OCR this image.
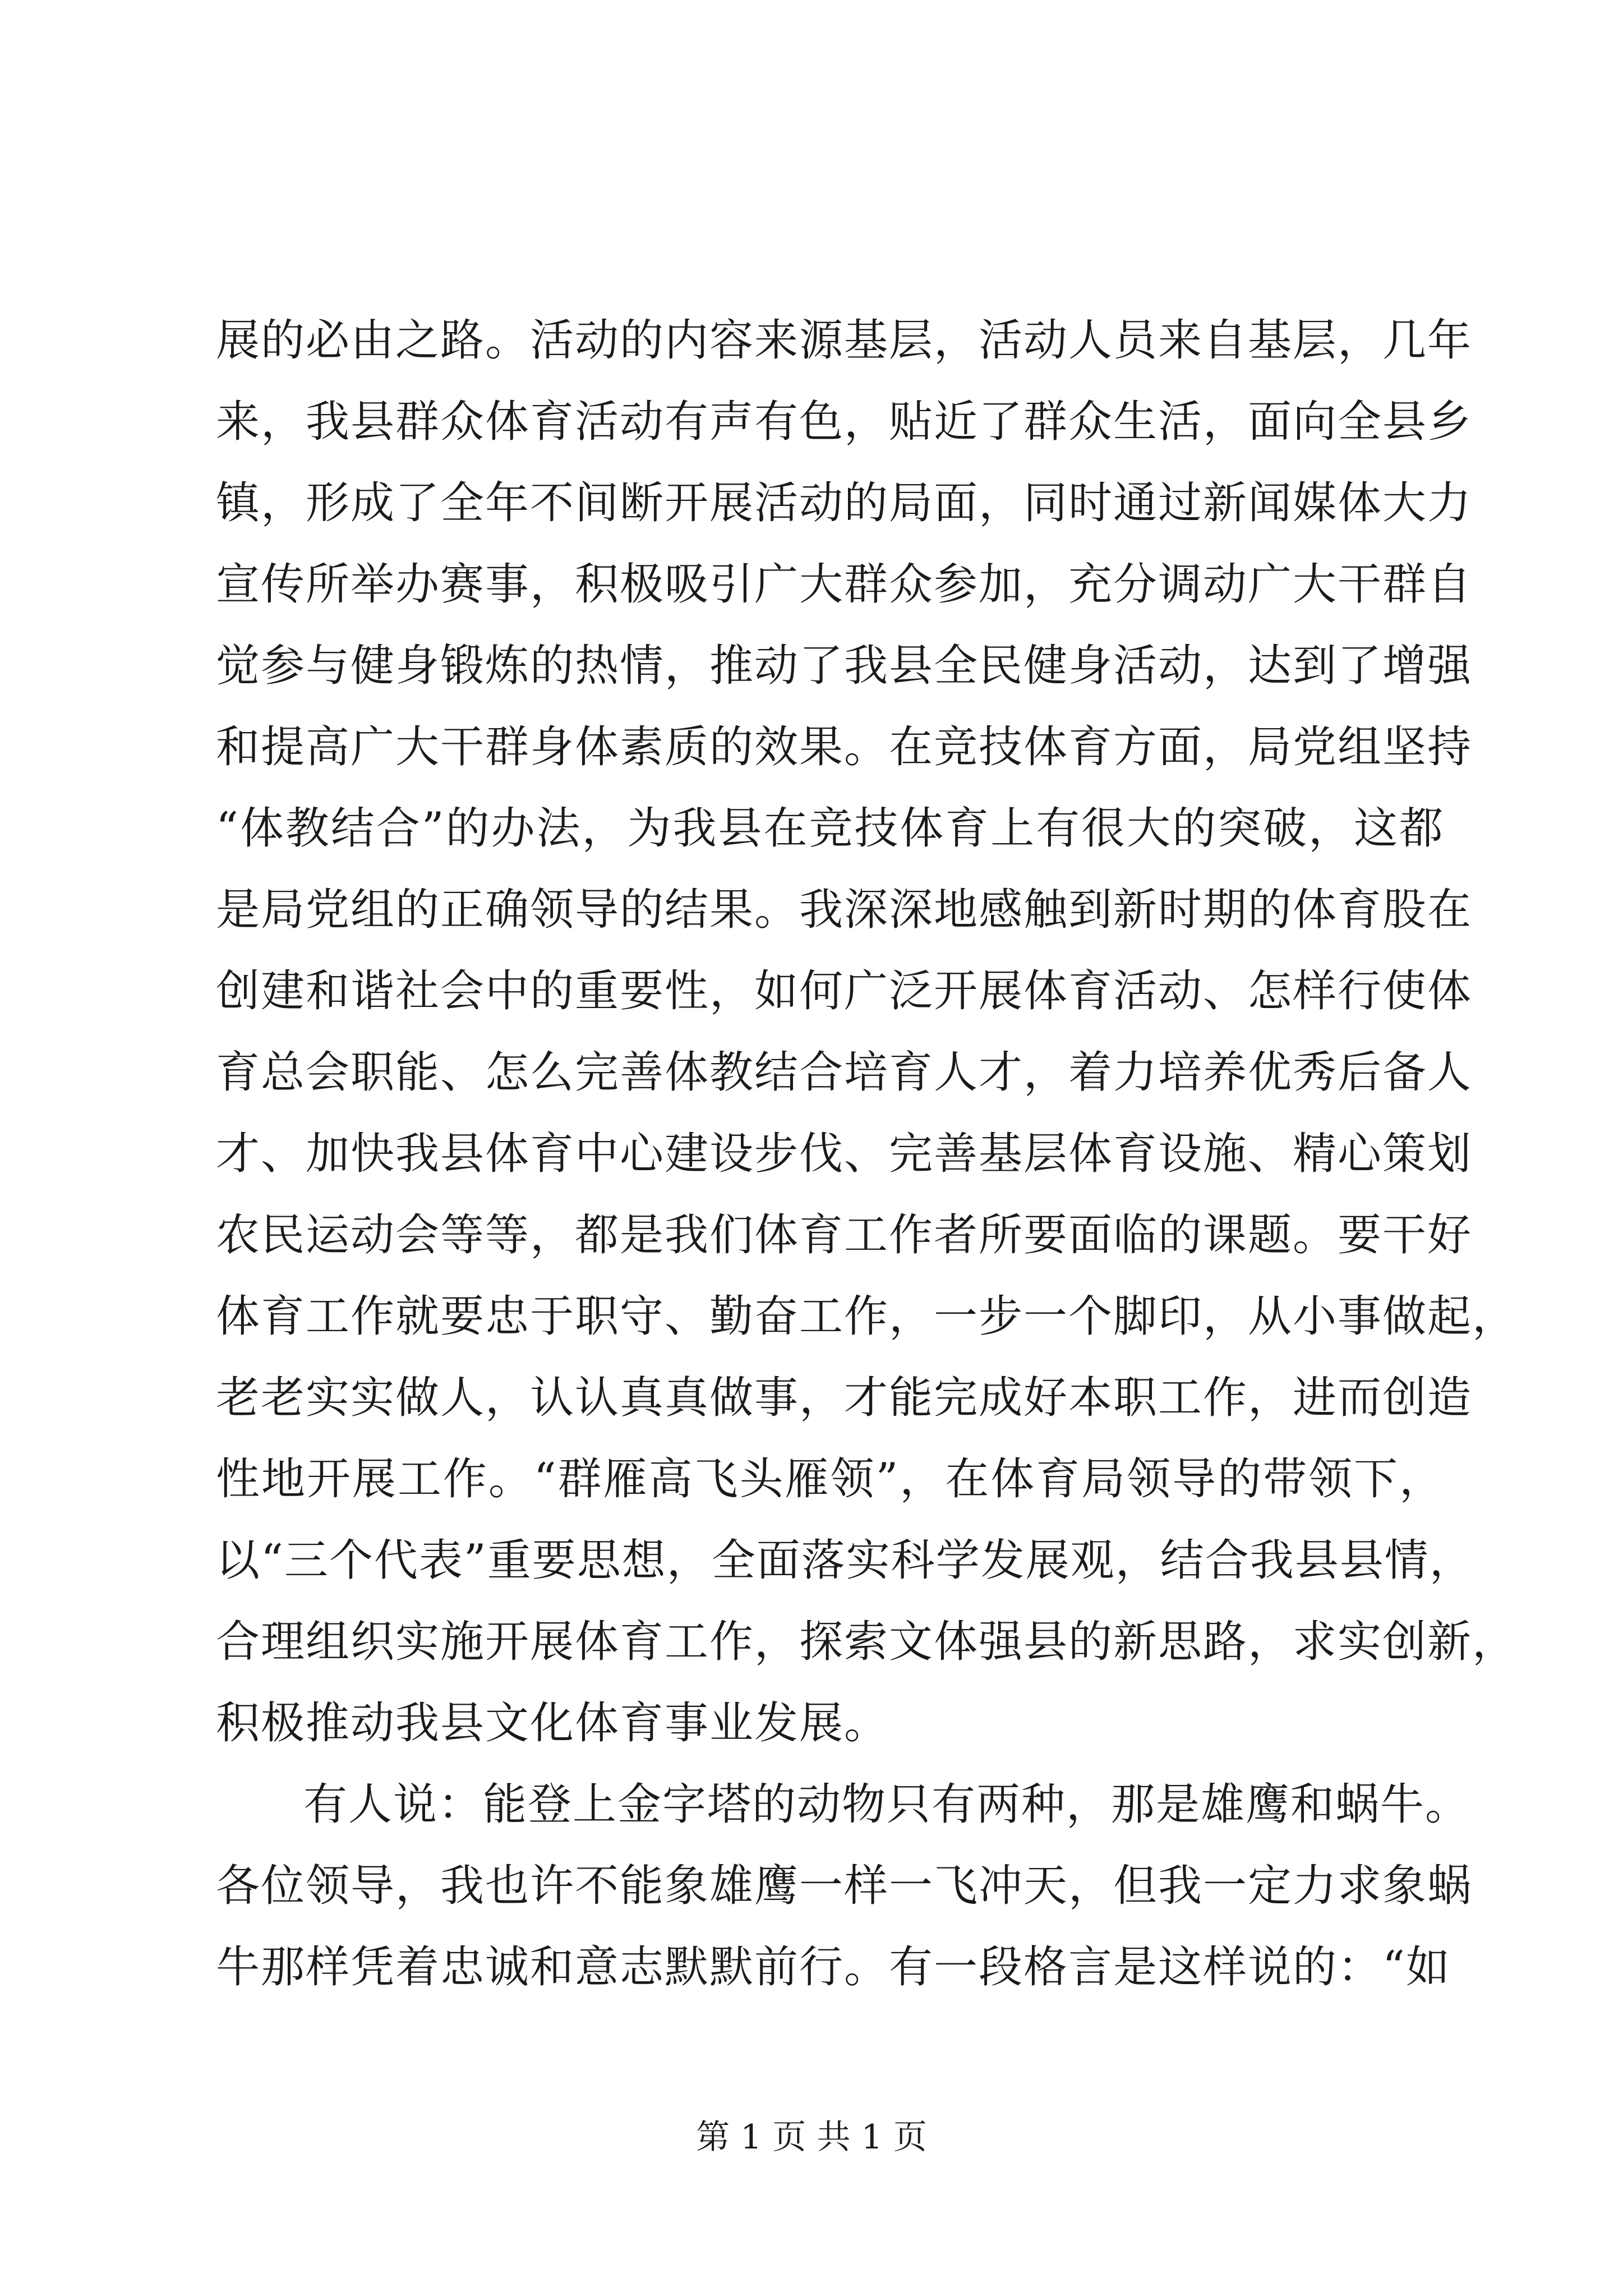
展的必由之路。活动的内容来源基层，活动人员来自基层，几年
来，我县群众体育活动有声有色，贴近了群众生活，面向全县乡
镇，形成了全年不间断开展活动的局面，同时通过新闻媒体大力
宣传所举办赛事，积极吸引广大群众参加，充分调动广大干群自
觉参与健身锻炼的热情，推动了我县全民健身活动，达到了增强
和提高广大干群身体素质的效果。在竞技体育方面，局党组坚持
“体教结合”的办法，为我县在竞技体育上有很大的突破，这都
是局党组的正确领导的结果。我深深地感触到新时期的体育股在
创建和谐社会中的重要性，如何广泛开展体育活动、怎样行使体
育总会职能、怎么完善体教结合培育人才，着力培养优秀后备人
才、加快我县体育中心建设步伐、完善基层体育设施、精心策划
农民运动会等等，都是我们体育工作者所要面临的课题。要干好
体育工作就要忠于职守、勤奋工作，一步一个脚印，从小事做起，
老老实实做人，认认真真做事，才能完成好本职工作，进而创造
性地开展工作。“群雁高飞头雁领”，在体育局领导的带领下，
以“三个代表”重要思想，全面落实科学发展观，结合我县县情，
合理组织实施开展体育工作，探索文体强县的新思路，求实创新，
积极推动我县文化体育事业发展。
有人说：能登上金字塔的动物只有两种，那是雄鹰和蜗牛。
各位领导，我也许不能象雄鹰一样一飞冲天，但我一定力求象蜗
牛那样凭着忠诚和意志默默前行。有一段格言是这样说的：“如
第 1 页 共 1 页
